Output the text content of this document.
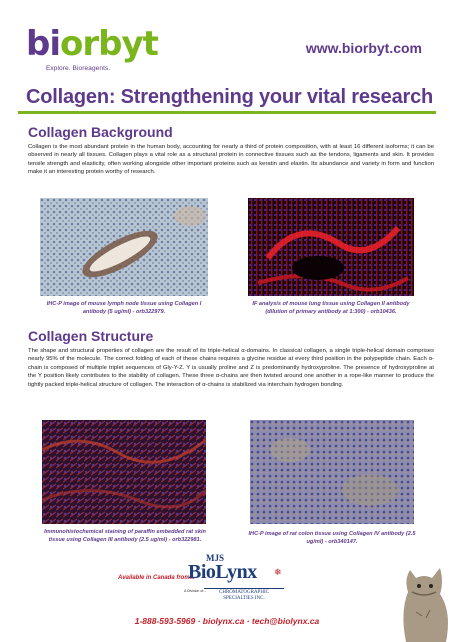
biorbyt
Explore. Bioreagents.
www.biorbyt.com
Collagen: Strengthening your vital research
Collagen Background
Collagen is the most abundant protein in the human body, accounting for nearly a third of protein composition, with at least 16 different isoforms; it can be observed in nearly all tissues. Collagen plays a vital role as a structural protein in connective tissues such as the tendons, ligaments and skin. It provides tensile strength and elasticity, often working alongside other important proteins such as keratin and elastin. Its abundance and variety in form and function make it an interesting protein worthy of research.
IHC-P image of mouse lymph node tissue using Collagen I antibody (5 ug/ml) - orb322979.
IF analysis of mouse lung tissue using Collagen II antibody (dilution of primary antibody at 1:300) - orb10436.
Collagen Structure
The shape and structural properties of collagen are the result of its triple-helical α-domains. In classical collagen, a single triple-helical domain comprises nearly 95% of the molecule. The correct folding of each of these chains requires a glycine residue at every third position in the polypeptide chain. Each α-chain is composed of multiple triplet sequences of Gly-Y-Z. Y is usually proline and Z is predominantly hydroxyproline. The presence of hydroxyproline at the Y position likely contributes to the stability of collagen. These three α-chains are then twisted around one another in a rope-like manner to produce the tightly packed triple-helical structure of collagen. The interaction of α-chains is stabilized via interchain hydrogen bonding.
Immunohistochemical staining of paraffin embedded rat skin tissue using Collagen III antibody (2.5 ug/ml) - orb322981.
IHC-P image of rat colon tissue using Collagen IV antibody (2.5 ug/ml) - orb340147.
Available in Canada from...
MJS
BioLynx ❄
A Division of...	CHROMATOGRAPHIC SPECIALTIES INC.
1-888-593-5969 · biolynx.ca · tech@biolynx.ca
